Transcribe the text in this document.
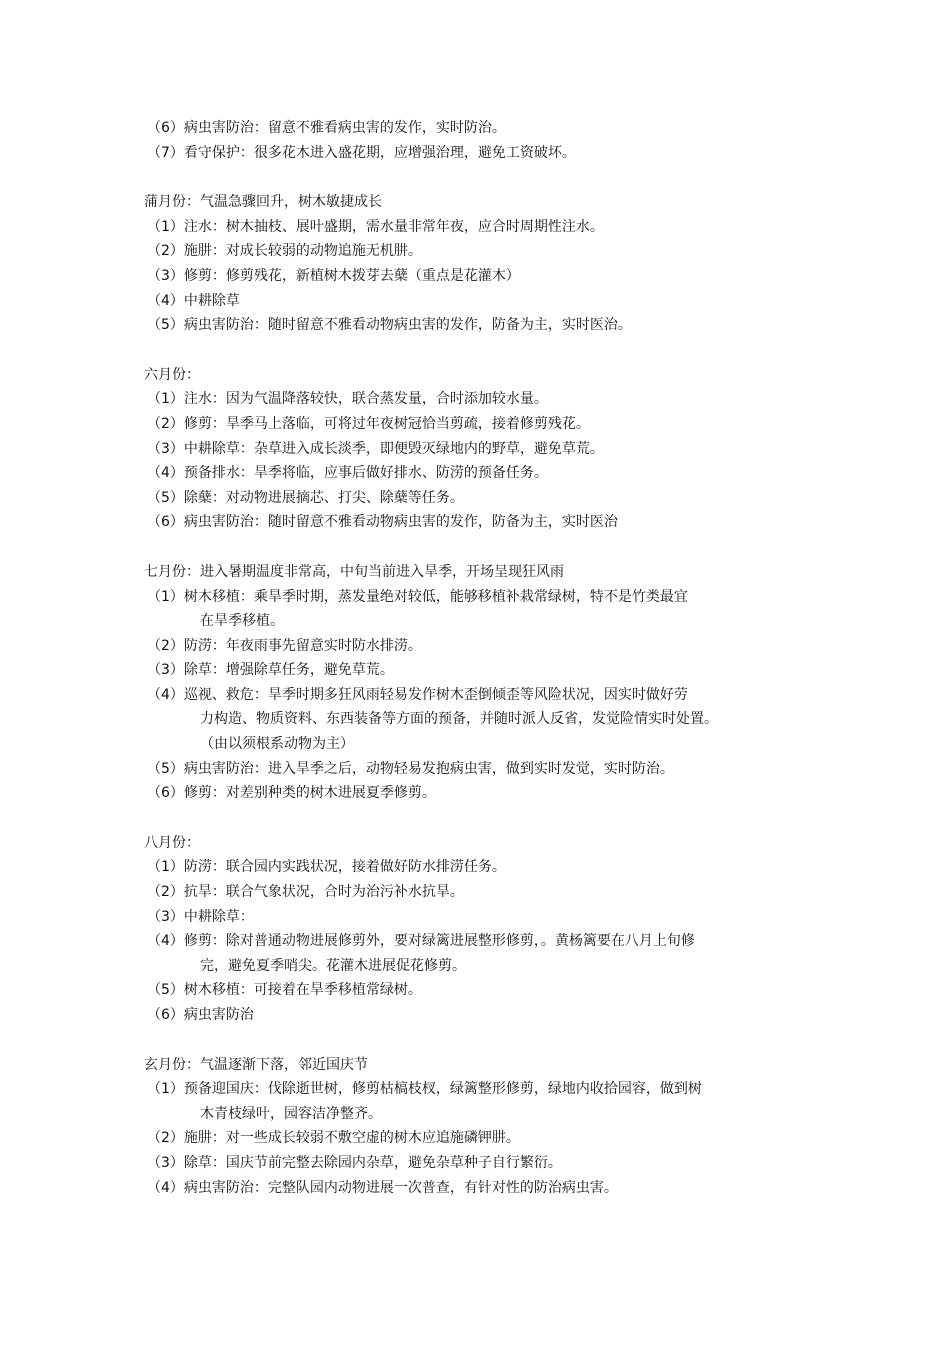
（6）病虫害防治：留意不雅看病虫害的发作，实时防治。
（7）看守保护：很多花木进入盛花期，应增强治理，避免工资破坏。
蒲月份：气温急骤回升，树木敏捷成长
（1）注水：树木抽枝、展叶盛期，需水量非常年夜，应合时周期性注水。
（2）施肼：对成长较弱的动物追施无机肼。
（3）修剪：修剪残花，新植树木拨芽去蘖（重点是花灌木）
（4）中耕除草
（5）病虫害防治：随时留意不雅看动物病虫害的发作，防备为主，实时医治。
六月份：
（1）注水：因为气温降落较快，联合蒸发量，合时添加较水量。
（2）修剪：旱季马上落临，可将过年夜树冠恰当剪疏，接着修剪残花。
（3）中耕除草：杂草进入成长淡季，即便毁灭绿地内的野草，避免草荒。
（4）预备排水：旱季将临，应事后做好排水、防涝的预备任务。
（5）除蘖：对动物进展摘芯、打尖、除蘖等任务。
（6）病虫害防治：随时留意不雅看动物病虫害的发作，防备为主，实时医治
七月份：进入暑期温度非常高，中旬当前进入旱季，开场呈现狂风雨
（1）树木移植：乘旱季时期，蒸发量绝对较低，能够移植补栽常绿树，特不是竹类最宜
在旱季移植。
（2）防涝：年夜雨事先留意实时防水排涝。
（3）除草：增强除草任务，避免草荒。
（4）巡视、救危：旱季时期多狂风雨轻易发作树木歪倒倾歪等风险状况，因实时做好劳
力构造、物质资料、东西装备等方面的预备，并随时派人反省，发觉险情实时处置。
（由以须根系动物为主）
（5）病虫害防治：进入旱季之后，动物轻易发抱病虫害，做到实时发觉，实时防治。
（6）修剪：对差别种类的树木进展夏季修剪。
八月份：
（1）防涝：联合园内实践状况，接着做好防水排涝任务。
（2）抗旱：联合气象状况，合时为治污补水抗旱。
（3）中耕除草：
（4）修剪：除对普通动物进展修剪外，要对绿篱进展整形修剪，。黄杨篱要在八月上旬修
完，避免夏季哨尖。花灌木进展促花修剪。
（5）树木移植：可接着在旱季移植常绿树。
（6）病虫害防治
玄月份：气温逐渐下落，邻近国庆节
（1）预备迎国庆：伐除逝世树，修剪枯槁枝杈，绿篱整形修剪，绿地内收拾园容，做到树
木青枝绿叶，园容洁净整齐。
（2）施肼：对一些成长较弱不敷空虚的树木应追施磷钾肼。
（3）除草：国庆节前完整去除园内杂草，避免杂草种子自行繁衍。
（4）病虫害防治：完整队园内动物进展一次普查，有针对性的防治病虫害。
